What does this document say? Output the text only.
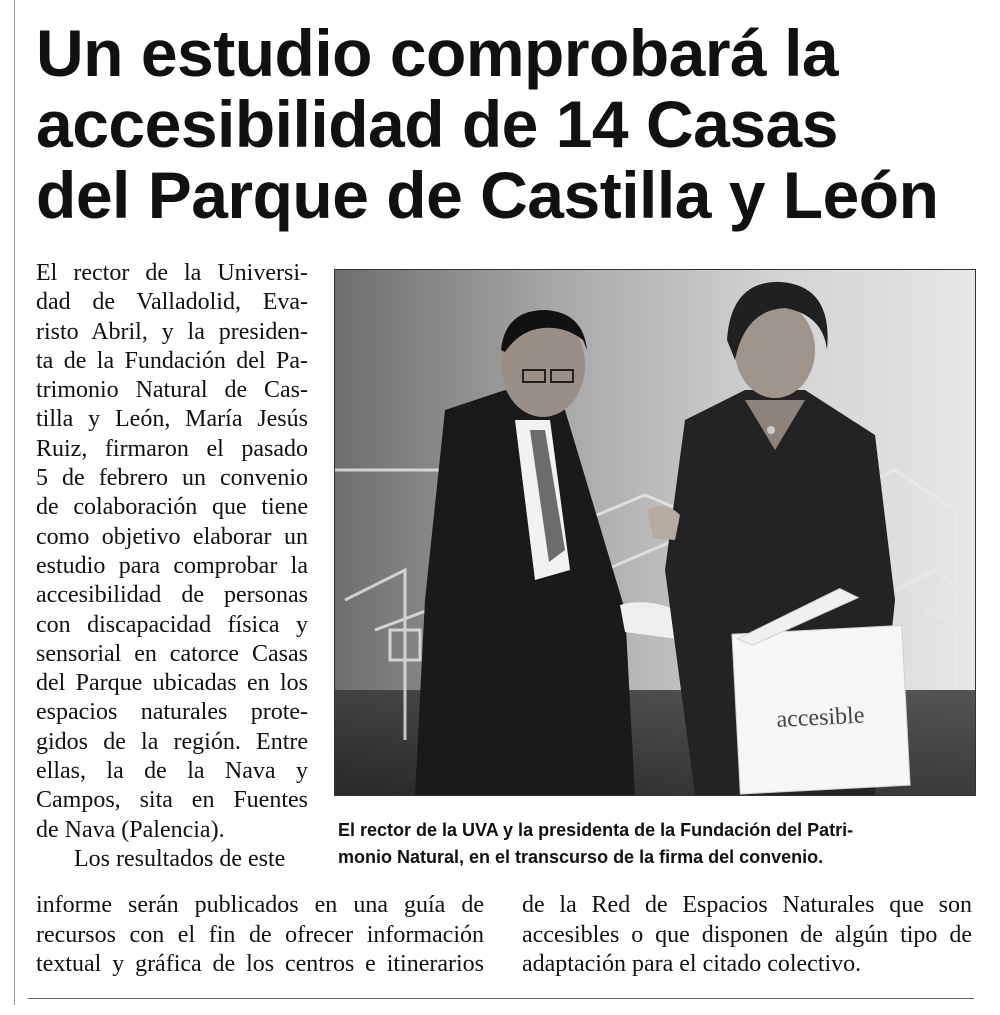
Un estudio comprobará la
accesibilidad de 14 Casas
del Parque de Castilla y León
El rector de la Universi-
dad de Valladolid, Eva-
risto Abril, y la presiden-
ta de la Fundación del Pa-
trimonio Natural de Cas-
tilla y León, María Jesús
Ruiz, firmaron el pasado
5 de febrero un convenio
de colaboración que tiene
como objetivo elaborar un
estudio para comprobar la
accesibilidad de personas
con discapacidad física y
sensorial en catorce Casas
del Parque ubicadas en los
espacios naturales prote-
gidos de la región. Entre
ellas, la de la Nava y
Campos, sita en Fuentes
de Nava (Palencia).
Los resultados de este
accesible
El rector de la UVA y la presidenta de la Fundación del Patri-
monio Natural, en el transcurso de la firma del convenio.
informe serán publicados en una guía de
recursos con el fin de ofrecer información
textual y gráfica de los centros e itinerarios
de la Red de Espacios Naturales que son
accesibles o que disponen de algún tipo de
adaptación para el citado colectivo.
